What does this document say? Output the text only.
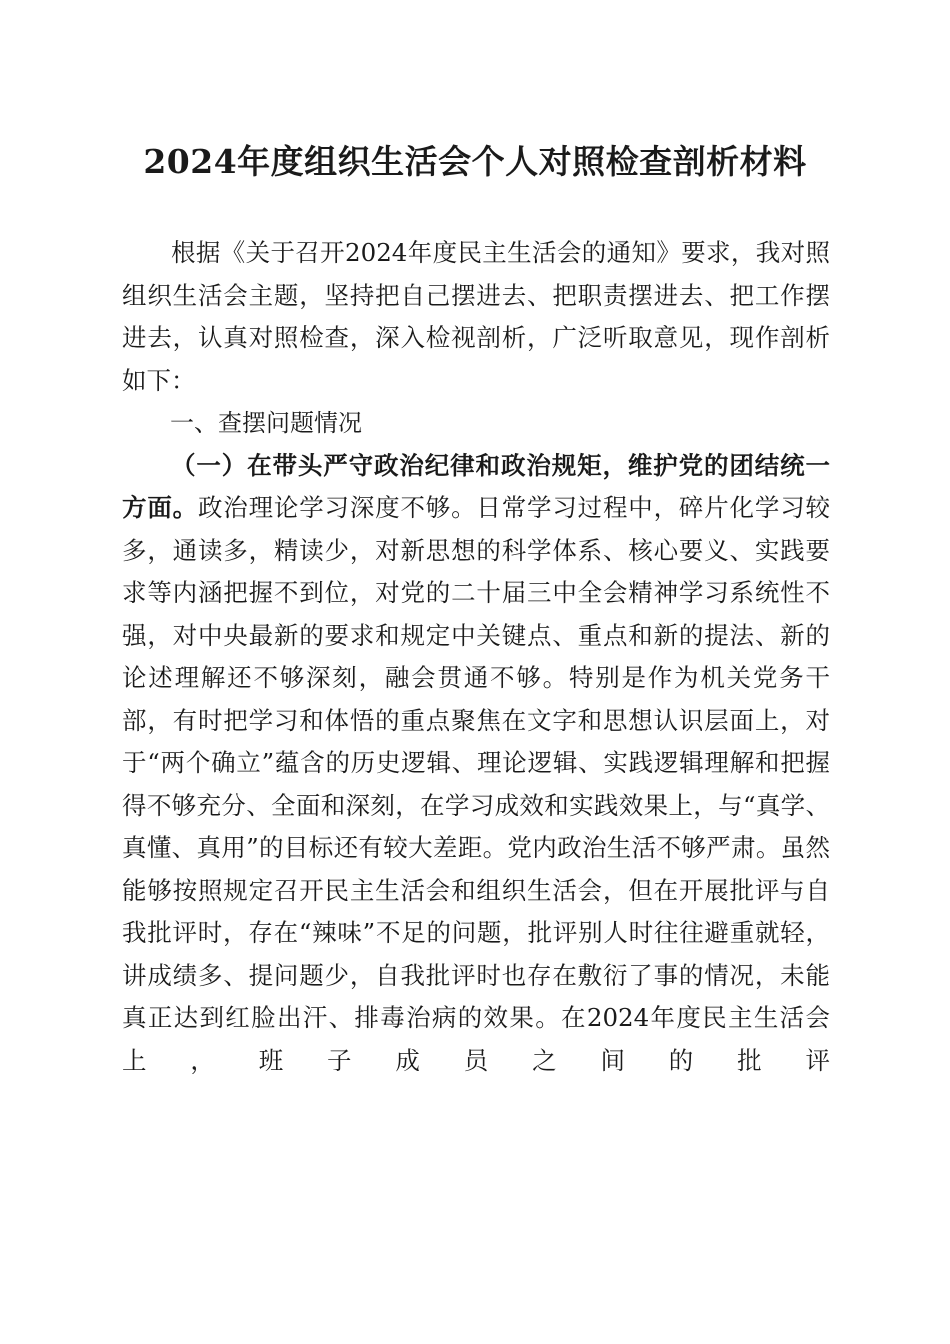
2024年度组织生活会个人对照检查剖析材料

根据《关于召开2024年度民主生活会的通知》要求，我对照组织生活会主题，坚持把自己摆进去、把职责摆进去、把工作摆进去，认真对照检查，深入检视剖析，广泛听取意见，现作剖析如下：

一、查摆问题情况

（一）在带头严守政治纪律和政治规矩，维护党的团结统一方面。政治理论学习深度不够。日常学习过程中，碎片化学习较多，通读多，精读少，对新思想的科学体系、核心要义、实践要求等内涵把握不到位，对党的二十届三中全会精神学习系统性不强，对中央最新的要求和规定中关键点、重点和新的提法、新的论述理解还不够深刻，融会贯通不够。特别是作为机关党务干部，有时把学习和体悟的重点聚焦在文字和思想认识层面上，对于“两个确立”蕴含的历史逻辑、理论逻辑、实践逻辑理解和把握得不够充分、全面和深刻，在学习成效和实践效果上，与“真学、真懂、真用”的目标还有较大差距。党内政治生活不够严肃。虽然能够按照规定召开民主生活会和组织生活会，但在开展批评与自我批评时，存在“辣味”不足的问题，批评别人时往往避重就轻，讲成绩多、提问题少，自我批评时也存在敷衍了事的情况，未能真正达到红脸出汗、排毒治病的效果。在2024年度民主生活会上，班子成员之间的批评
